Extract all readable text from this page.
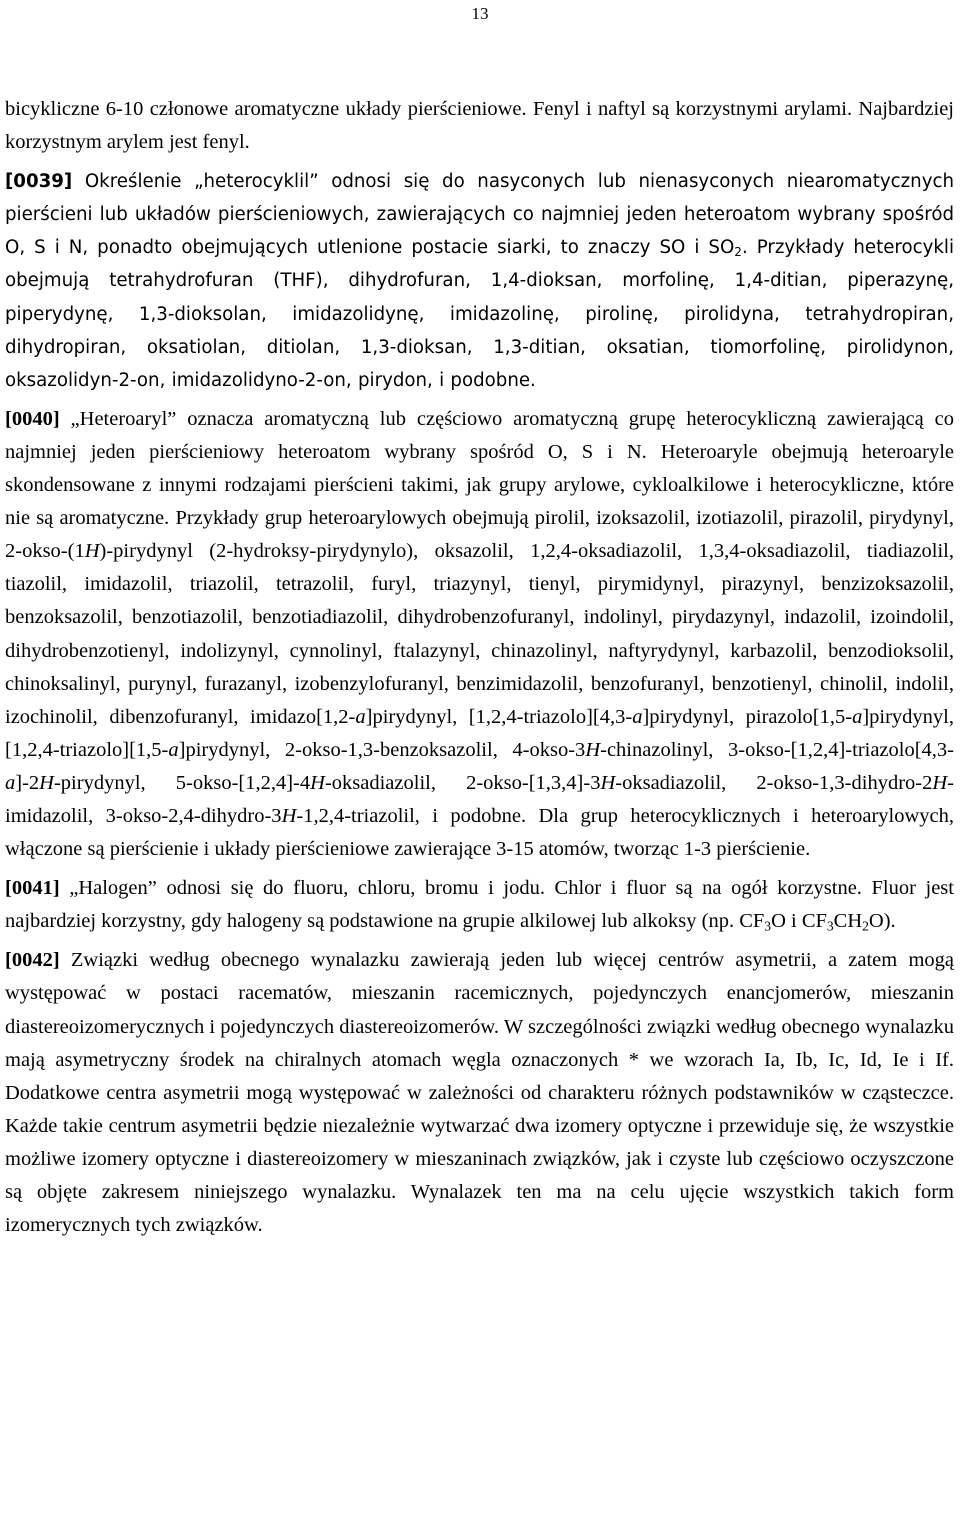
13

bicykliczne 6-10 członowe aromatyczne układy pierścieniowe. Fenyl i naftyl są korzystnymi arylami. Najbardziej korzystnym arylem jest fenyl.

[0039] Określenie „heterocyklil” odnosi się do nasyconych lub nienasyconych niearomatycznych pierścieni lub układów pierścieniowych, zawierających co najmniej jeden heteroatom wybrany spośród O, S i N, ponadto obejmujących utlenione postacie siarki, to znaczy SO i $SO_2$. Przykłady heterocykli obejmują tetrahydrofuran (THF), dihydrofuran, 1,4-dioksan, morfolinę, 1,4-ditian, piperazynę, piperydynę, 1,3-dioksolan, imidazolidynę, imidazolinę, pirolinę, pirolidyna, tetrahydropiran, dihydropiran, oksatiolan, ditiolan, 1,3-dioksan, 1,3-ditian, oksatian, tiomorfolinę, pirolidynon, oksazolidyn-2-on, imidazolidyno-2-on, pirydon, i podobne.

[0040] „Heteroaryl” oznacza aromatyczną lub częściowo aromatyczną grupę heterocykliczną zawierającą co najmniej jeden pierścieniowy heteroatom wybrany spośród O, S i N. Heteroaryle obejmują heteroaryle skondensowane z innymi rodzajami pierścieni takimi, jak grupy arylowe, cykloalkilowe i heterocykliczne, które nie są aromatyczne. Przykłady grup heteroarylowych obejmują pirolil, izoksazolil, izotiazolil, pirazolil, pirydynyl, 2-okso-(1H)-pirydynyl (2-hydroksy-pirydynylo), oksazolil, 1,2,4-oksadiazolil, 1,3,4-oksadiazolil, tiadiazolil, tiazolil, imidazolil, triazolil, tetrazolil, furyl, triazynyl, tienyl, pirymidynyl, pirazynyl, benzizoksazolil, benzoksazolil, benzotiazolil, benzotiadiazolil, dihydrobenzofuranyl, indolinyl, pirydazynyl, indazolil, izoindolil, dihydrobenzotienyl, indolizynyl, cynnolinyl, ftalazynyl, chinazolinyl, naftyrydynyl, karbazolil, benzodioksolil, chinoksalinyl, purynyl, furazanyl, izobenzylofuranyl, benzimidazolil, benzofuranyl, benzotienyl, chinolil, indolil, izochinolil, dibenzofuranyl, imidazo[1,2-a]pirydynyl, [1,2,4-triazolo][4,3-a]pirydynyl, pirazolo[1,5-a]pirydynyl, [1,2,4-triazolo][1,5-a]pirydynyl, 2-okso-1,3-benzoksazolil, 4-okso-3H-chinazolinyl, 3-okso-[1,2,4]-triazolo[4,3-a]-2H-pirydynyl, 5-okso-[1,2,4]-4H-oksadiazolil, 2-okso-[1,3,4]-3H-oksadiazolil, 2-okso-1,3-dihydro-2H-imidazolil, 3-okso-2,4-dihydro-3H-1,2,4-triazolil, i podobne. Dla grup heterocyklicznych i heteroarylowych, włączone są pierścienie i układy pierścieniowe zawierające 3-15 atomów, tworząc 1-3 pierścienie.

[0041] „Halogen” odnosi się do fluoru, chloru, bromu i jodu. Chlor i fluor są na ogół korzystne. Fluor jest najbardziej korzystny, gdy halogeny są podstawione na grupie alkilowej lub alkoksy (np. $CF_3O$ i $CF_3CH_2O$).

[0042] Związki według obecnego wynalazku zawierają jeden lub więcej centrów asymetrii, a zatem mogą występować w postaci racematów, mieszanin racemicznych, pojedynczych enancjomerów, mieszanin diastereoizomerycznych i pojedynczych diastereoizomerów. W szczególności związki według obecnego wynalazku mają asymetryczny środek na chiralnych atomach węgla oznaczonych * we wzorach Ia, Ib, Ic, Id, Ie i If. Dodatkowe centra asymetrii mogą występować w zależności od charakteru różnych podstawników w cząsteczce. Każde takie centrum asymetrii będzie niezależnie wytwarzać dwa izomery optyczne i przewiduje się, że wszystkie możliwe izomery optyczne i diastereoizomery w mieszaninach związków, jak i czyste lub częściowo oczyszczone są objęte zakresem niniejszego wynalazku. Wynalazek ten ma na celu ujęcie wszystkich takich form izomerycznych tych związków.
